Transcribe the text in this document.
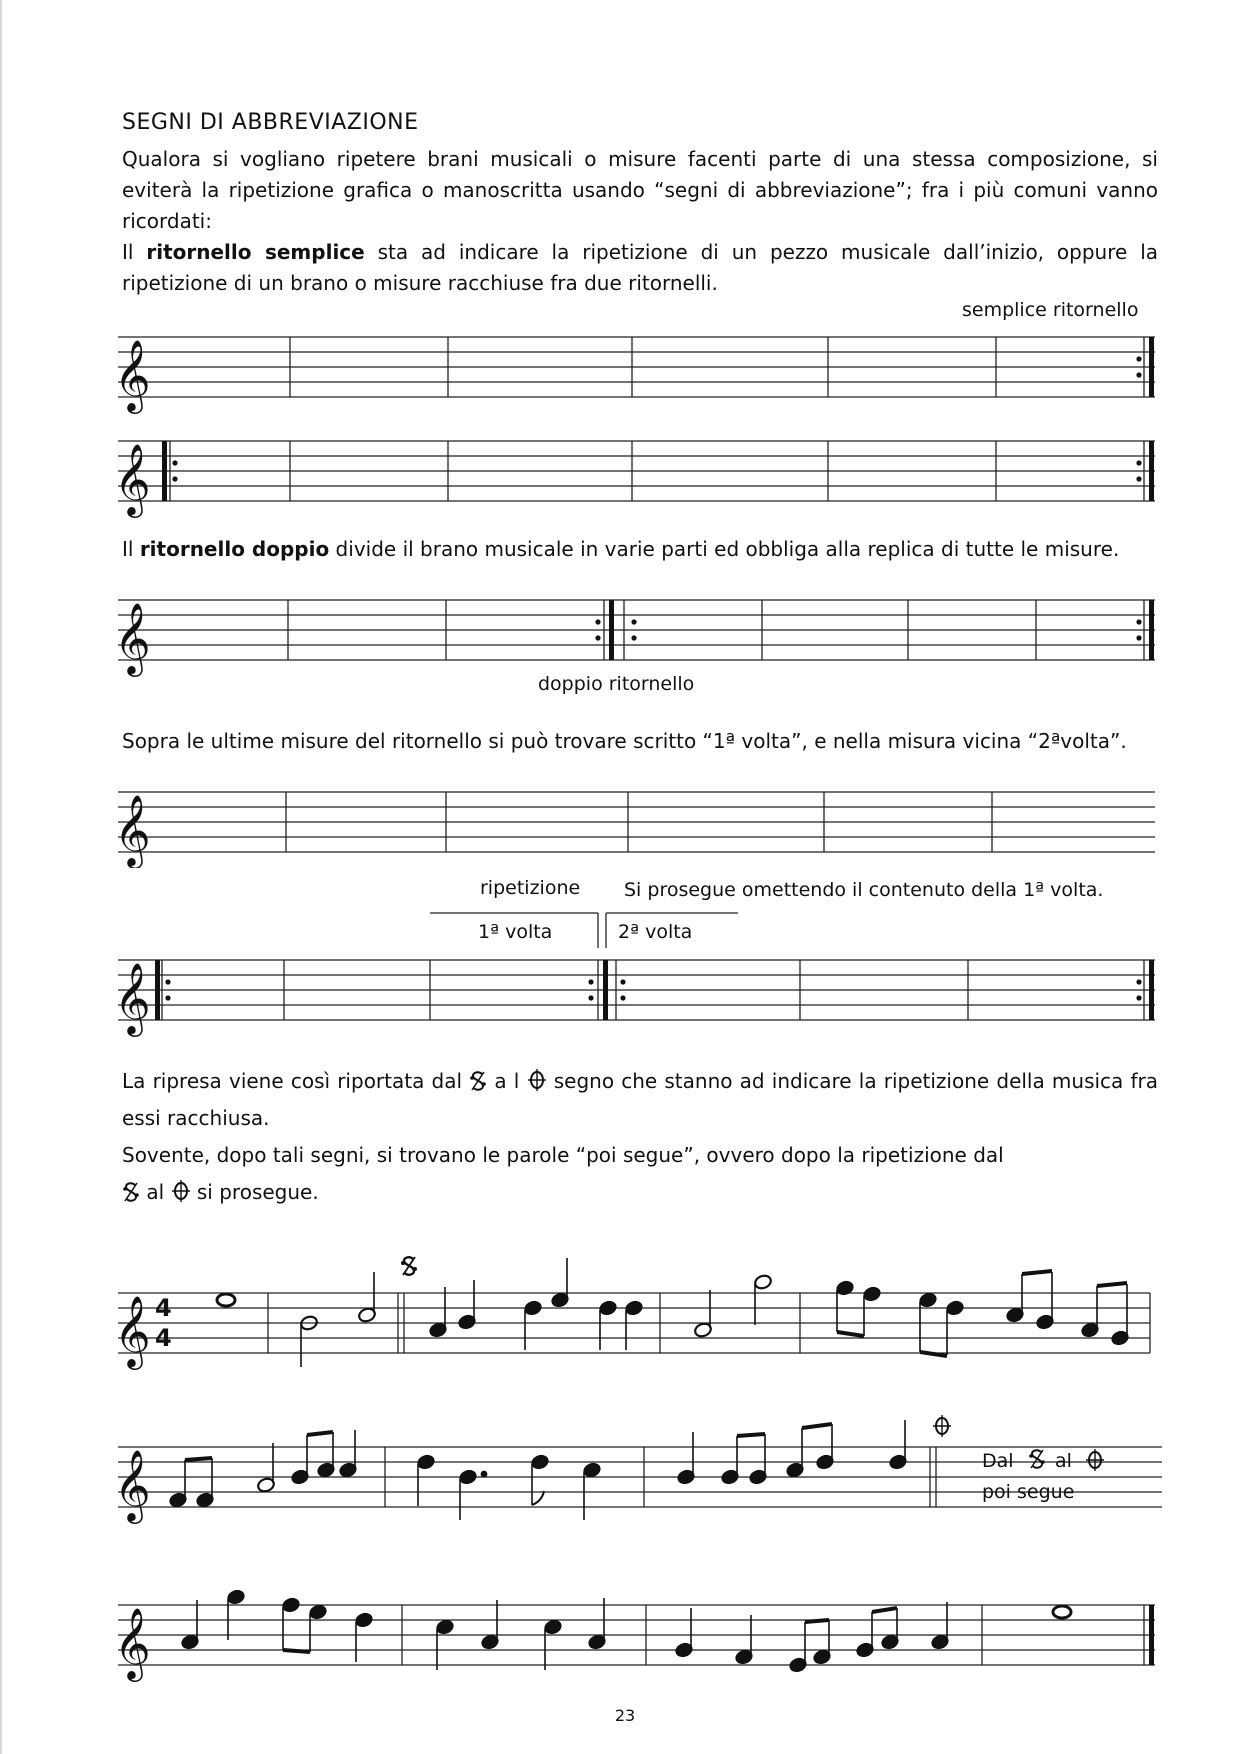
SEGNI DI ABBREVIAZIONE
Qualora si vogliano ripetere brani musicali o misure facenti parte di una stessa composizione, si eviterà la ripetizione grafica o manoscritta usando “segni di abbreviazione”; fra i più comuni vanno ricordati:
Il ritornello semplice sta ad indicare la ripetizione di un pezzo musicale dall’inizio, oppure la ripetizione di un brano o misure racchiuse fra due ritornelli.
semplice ritornello
𝄞
𝄞
Il ritornello doppio divide il brano musicale in varie parti ed obbliga alla replica di tutte le misure.
𝄞
doppio ritornello
Sopra le ultime misure del ritornello si può trovare scritto “1ª volta”, e nella misura vicina “2ªvolta”.
𝄞
ripetizione Si prosegue omettendo il contenuto della 1ª volta.
1ª volta	2ª volta
𝄞
La ripresa viene così riportata dal  a l  segno che stanno ad indicare la ripetizione della musica fra essi racchiusa.
Sovente, dopo tali segni, si trovano le parole “poi segue”, ovvero dopo la ripetizione dal
al  si prosegue.
𝄞 4
4
𝄞	Dal al
poi segue
𝄞
23
